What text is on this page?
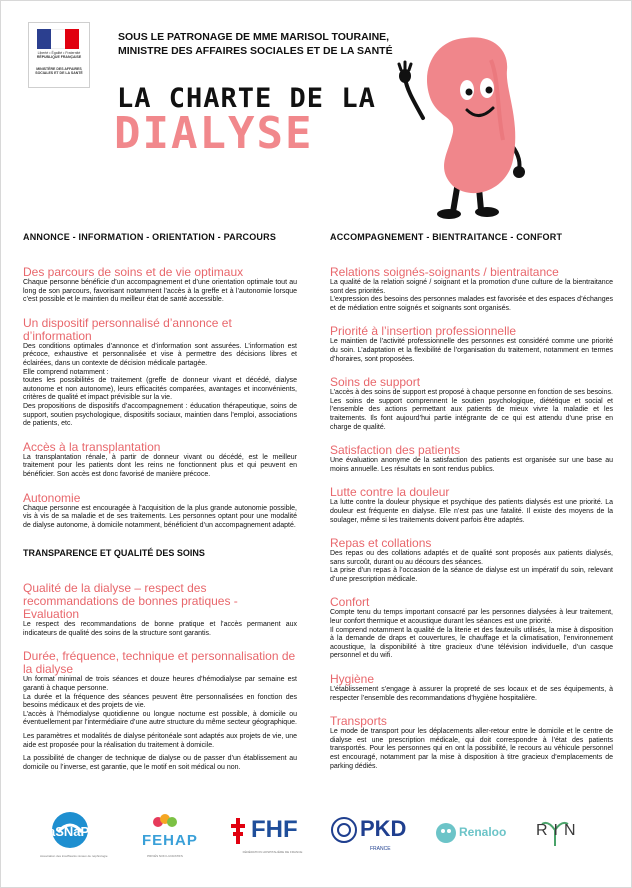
Liberté • Égalité • Fraternité
RÉPUBLIQUE FRANÇAISE
MINISTÈRE DES AFFAIRES SOCIALES ET DE LA SANTÉ
SOUS LE PATRONAGE DE MME MARISOL TOURAINE,
MINISTRE DES AFFAIRES SOCIALES ET DE LA SANTÉ
LA CHARTE DE LA
DIALYSE
ANNONCE - INFORMATION - ORIENTATION - PARCOURS
Des parcours de soins et de vie optimaux

Chaque personne bénéficie d’un accompagnement et d’une orientation optimale tout au long de son parcours, favorisant notamment l’accès à la greffe et à l’autonomie lorsque c’est possible et le maintien du meilleur état de santé accessible.

Un dispositif personnalisé d’annonce et d’information

Des conditions optimales d’annonce et d’information sont assurées. L’information est précoce, exhaustive et personnalisée et vise à permettre des décisions libres et éclairées, dans un contexte de décision médicale partagée.

Elle comprend notamment :

toutes les possibilités de traitement (greffe de donneur vivant et décédé, dialyse autonome et non autonome), leurs efficacités comparées, avantages et inconvénients, critères de qualité et impact prévisible sur la vie.

Des propositions de dispositifs d’accompagnement : éducation thérapeutique, soins de support, soutien psychologique, dispositifs sociaux, maintien dans l’emploi, associations de patients, etc.

Accès à la transplantation

La transplantation rénale, à partir de donneur vivant ou décédé, est le meilleur traitement pour les patients dont les reins ne fonctionnent plus et qui peuvent en bénéficier. Son accès est donc favorisé de manière précoce.

Autonomie

Chaque personne est encouragée à l’acquisition de la plus grande autonomie possible, vis à vis de sa maladie et de ses traitements. Les personnes optant pour une modalité de dialyse autonome, à domicile notamment, bénéficient d’un accompagnement adapté.

TRANSPARENCE ET QUALITÉ DES SOINS
Qualité de la dialyse – respect des recommandations de bonnes pratiques - Evaluation

Le respect des recommandations de bonne pratique et l’accès permanent aux indicateurs de qualité des soins de la structure sont garantis.

Durée, fréquence, technique et personnalisation de la dialyse

Un format minimal de trois séances et douze heures d’hémodialyse par semaine est garanti à chaque personne.

La durée et la fréquence des séances peuvent être personnalisées en fonction des besoins médicaux et des projets de vie.

L’accès à l’hémodialyse quotidienne ou longue nocturne est possible, à domicile ou éventuellement par l’intermédiaire d’une autre structure du même secteur géographique.

Les paramètres et modalités de dialyse péritonéale sont adaptés aux projets de vie, une aide est proposée pour la réalisation du traitement à domicile.

La possibilité de changer de technique de dialyse ou de passer d’un établissement au domicile ou l’inverse, est garantie, que le motif en soit médical ou non.

ACCOMPAGNEMENT - BIENTRAITANCE - CONFORT
Relations soignés-soignants / bientraitance

La qualité de la relation soigné / soignant et la promotion d’une culture de la bientraitance sont des priorités.

L’expression des besoins des personnes malades est favorisée et des espaces d’échanges et de médiation entre soignés et soignants sont organisés.

Priorité à l’insertion professionnelle

Le maintien de l’activité professionnelle des personnes est considéré comme une priorité du soin. L’adaptation et la flexibilité de l’organisation du traitement, notamment en termes d’horaires, sont proposées.

Soins de support

L’accès à des soins de support est proposé à chaque personne en fonction de ses besoins.

Les soins de support comprennent le soutien psychologique, diététique et social et l’ensemble des actions permettant aux patients de mieux vivre la maladie et les traitements. Ils font aujourd’hui partie intégrante de ce qui est attendu d’une prise en charge de qualité.

Satisfaction des patients

Une évaluation anonyme de la satisfaction des patients est organisée sur une base au moins annuelle. Les résultats en sont rendus publics.

Lutte contre la douleur

La lutte contre la douleur physique et psychique des patients dialysés est une priorité. La douleur est fréquente en dialyse. Elle n’est pas une fatalité. Il existe des moyens de la soulager, même si les traitements doivent parfois être adaptés.

Repas et collations

Des repas ou des collations adaptés et de qualité sont proposés aux patients dialysés, sans surcoût, durant ou au décours des séances.

La prise d’un repas à l’occasion de la séance de dialyse est un impératif du soin, relevant d’une prescription médicale.

Confort

Compte tenu du temps important consacré par les personnes dialysées à leur traitement, leur confort thermique et acoustique durant les séances est une priorité.

Il comprend notamment la qualité de la literie et des fauteuils utilisés, la mise à disposition à la demande de draps et couvertures, le chauffage et la climatisation, l’environnement acoustique, la disponibilité à titre gracieux d’une télévision individuelle, d’un casque personnel et du wifi.

Hygiène

L’établissement s’engage à assurer la propreté de ses locaux et de ses équipements, à respecter l’ensemble des recommandations d’hygiène hospitalière.

Transports

Le mode de transport pour les déplacements aller-retour entre le domicile et le centre de dialyse est une prescription médicale, qui doit correspondre à l’état des patients transportés. Pour les personnes qui en ont la possibilité, le recours au véhicule personnel est encouragé, notamment par la mise à disposition à titre gracieux d’emplacements de parking dédiés.

aSNaP
Association des insuffisants rénaux de néphrologie
FEHAP
PRIVÉS NON LUCRATIFS
FHF
FÉDÉRATION HOSPITALIÈRE DE FRANCE
PKD
FRANCE
Renaloo RIN
